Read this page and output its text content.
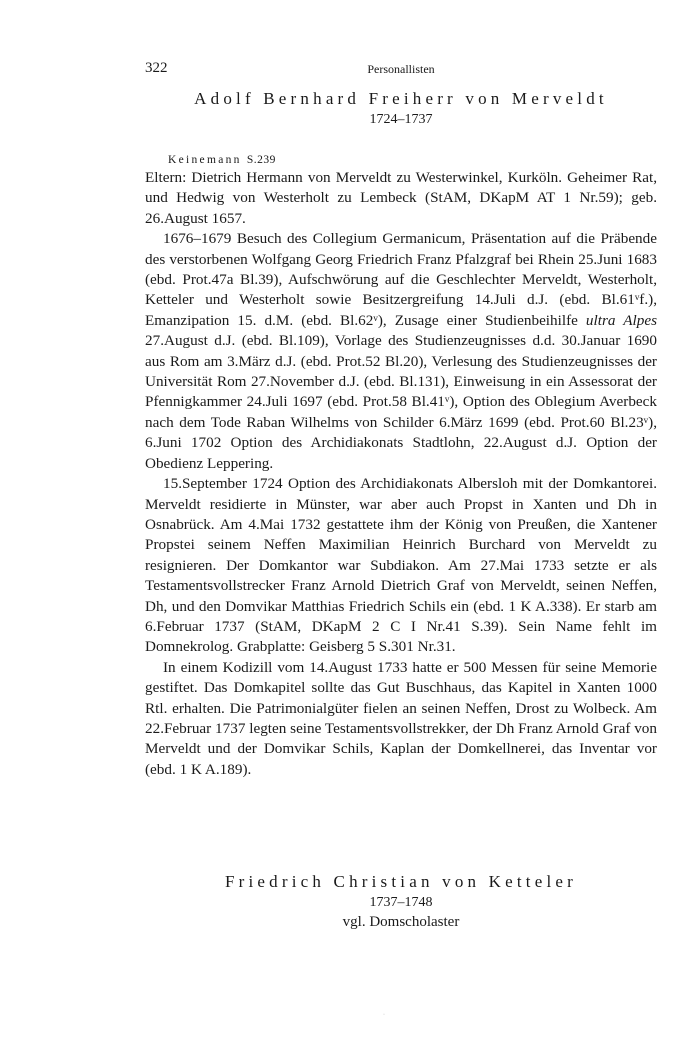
322	Personallisten
Adolf Bernhard Freiherr von Merveldt
1724–1737
Keinemann S.239

Eltern: Dietrich Hermann von Merveldt zu Westerwinkel, Kurköln. Geheimer Rat, und Hedwig von Westerholt zu Lembeck (StAM, DKapM AT 1 Nr.59); geb. 26.August 1657.

1676–1679 Besuch des Collegium Germanicum, Präsentation auf die Präbende des verstorbenen Wolfgang Georg Friedrich Franz Pfalzgraf bei Rhein 25.Juni 1683 (ebd. Prot.47a Bl.39), Aufschwörung auf die Geschlechter Merveldt, Westerholt, Ketteler und Westerholt sowie Besitzergreifung 14.Juli d.J. (ebd. Bl.61ᵛf.), Emanzipation 15. d.M. (ebd. Bl.62ᵛ), Zusage einer Studienbeihilfe ultra Alpes 27.August d.J. (ebd. Bl.109), Vorlage des Studienzeugnisses d.d. 30.Januar 1690 aus Rom am 3.März d.J. (ebd. Prot.52 Bl.20), Verlesung des Studienzeugnisses der Universität Rom 27.November d.J. (ebd. Bl.131), Einweisung in ein Assessorat der Pfennigkammer 24.Juli 1697 (ebd. Prot.58 Bl.41ᵛ), Option des Oblegium Averbeck nach dem Tode Raban Wilhelms von Schilder 6.März 1699 (ebd. Prot.60 Bl.23ᵛ), 6.Juni 1702 Option des Archidiakonats Stadtlohn, 22.August d.J. Option der Obedienz Leppering.

15.September 1724 Option des Archidiakonats Albersloh mit der Domkantorei. Merveldt residierte in Münster, war aber auch Propst in Xanten und Dh in Osnabrück. Am 4.Mai 1732 gestattete ihm der König von Preußen, die Xantener Propstei seinem Neffen Maximilian Heinrich Burchard von Merveldt zu resignieren. Der Domkantor war Subdiakon. Am 27.Mai 1733 setzte er als Testamentsvollstrecker Franz Arnold Dietrich Graf von Merveldt, seinen Neffen, Dh, und den Domvikar Matthias Friedrich Schils ein (ebd. 1 K A.338). Er starb am 6.Februar 1737 (StAM, DKapM 2 C I Nr.41 S.39). Sein Name fehlt im Domnekrolog. Grabplatte: Geisberg 5 S.301 Nr.31.

In einem Kodizill vom 14.August 1733 hatte er 500 Messen für seine Memorie gestiftet. Das Domkapitel sollte das Gut Buschhaus, das Kapitel in Xanten 1000 Rtl. erhalten. Die Patrimonialgüter fielen an seinen Neffen, Drost zu Wolbeck. Am 22.Februar 1737 legten seine Testamentsvollstrekker, der Dh Franz Arnold Graf von Merveldt und der Domvikar Schils, Kaplan der Domkellnerei, das Inventar vor (ebd. 1 K A.189).

Friedrich Christian von Ketteler
1737–1748
vgl. Domscholaster
·
